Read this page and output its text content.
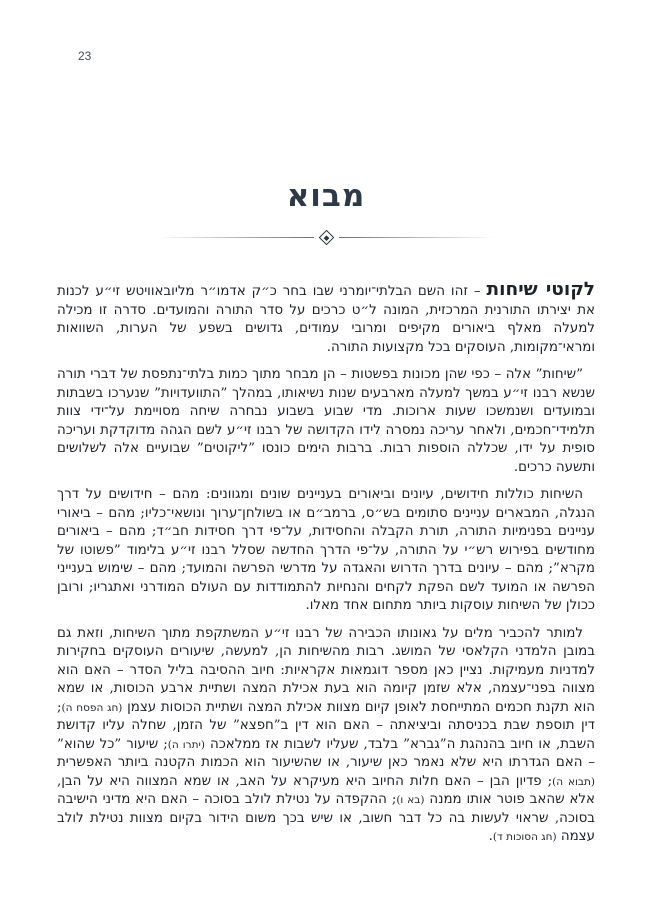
23
מבוא

לקוטי שיחות – זהו השם הבלתי־יומרני שבו בחר כ״ק אדמו״ר מליובאוויטש זי״ע לכנות את יצירתו התורנית המרכזית, המונה ל״ט כרכים על סדר התורה והמועדים. סדרה זו מכילה למעלה מאלף ביאורים מקיפים ומרובי עמודים, גדושים בשפע של הערות, השוואות ומראי־מקומות, העוסקים בכל מקצועות התורה.

”שיחות” אלה – כפי שהן מכונות בפשטות – הן מבחר מתוך כמות בלתי־נתפסת של דברי תורה שנשא רבנו זי״ע במשך למעלה מארבעים שנות נשיאותו, במהלך ”התוועדויות” שנערכו בשבתות ובמועדים ושנמשכו שעות ארוכות. מדי שבוע בשבוע נבחרה שיחה מסויימת על־ידי צוות תלמידי־חכמים, ולאחר עריכה נמסרה לידו הקדושה של רבנו זי״ע לשם הגהה מדוקדקת ועריכה סופית על ידו, שכללה הוספות רבות. ברבות הימים כונסו ”ליקוטים” שבועיים אלה לשלושים ותשעה כרכים.

השיחות כוללות חידושים, עיונים וביאורים בעניינים שונים ומגוונים: מהם – חידושים על דרך הנגלה, המבארים עניינים סתומים בש״ס, ברמב״ם או בשולחן־ערוך ונושאי־כליו; מהם – ביאורי עניינים בפנימיות התורה, תורת הקבלה והחסידות, על־פי דרך חסידות חב״ד; מהם – ביאורים מחודשים בפירוש רש״י על התורה, על־פי הדרך החדשה שסלל רבנו זי״ע בלימוד ”פשוטו של מקרא”; מהם – עיונים בדרך הדרוש והאגדה על מדרשי הפרשה והמועד; מהם – שימוש בענייני הפרשה או המועד לשם הפקת לקחים והנחיות להתמודדות עם העולם המודרני ואתגריו; ורובן ככולן של השיחות עוסקות ביותר מתחום אחד מאלו.

למותר להכביר מלים על גאונותו הכבירה של רבנו זי״ע המשתקפת מתוך השיחות, וזאת גם במובן הלמדני הקלאסי של המושג. רבות מהשיחות הן, למעשה, שיעורים העוסקים בחקירות למדניות מעמיקות. נציין כאן מספר דוגמאות אקראיות: חיוב ההסיבה בליל הסדר – האם הוא מצווה בפני־עצמה, אלא שזמן קיומה הוא בעת אכילת המצה ושתיית ארבע הכוסות, או שמא הוא תקנת חכמים המתייחסת לאופן קיום מצוות אכילת המצה ושתיית הכוסות עצמן (חג הפסח ה); דין תוספת שבת בכניסתה וביציאתה – האם הוא דין ב”חפצא” של הזמן, שחלה עליו קדושת השבת, או חיוב בהנהגת ה”גברא” בלבד, שעליו לשבות אז ממלאכה (יתרו ה); שיעור ”כל שהוא” – האם הגדרתו היא שלא נאמר כאן שיעור, או שהשיעור הוא הכמות הקטנה ביותר האפשרית (תבוא ה); פדיון הבן – האם חלות החיוב היא מעיקרא על האב, או שמא המצווה היא על הבן, אלא שהאב פוטר אותו ממנה (בא ו); ההקפדה על נטילת לולב בסוכה – האם היא מדיני הישיבה בסוכה, שראוי לעשות בה כל דבר חשוב, או שיש בכך משום הידור בקיום מצוות נטילת לולב עצמה (חג הסוכות ד).
